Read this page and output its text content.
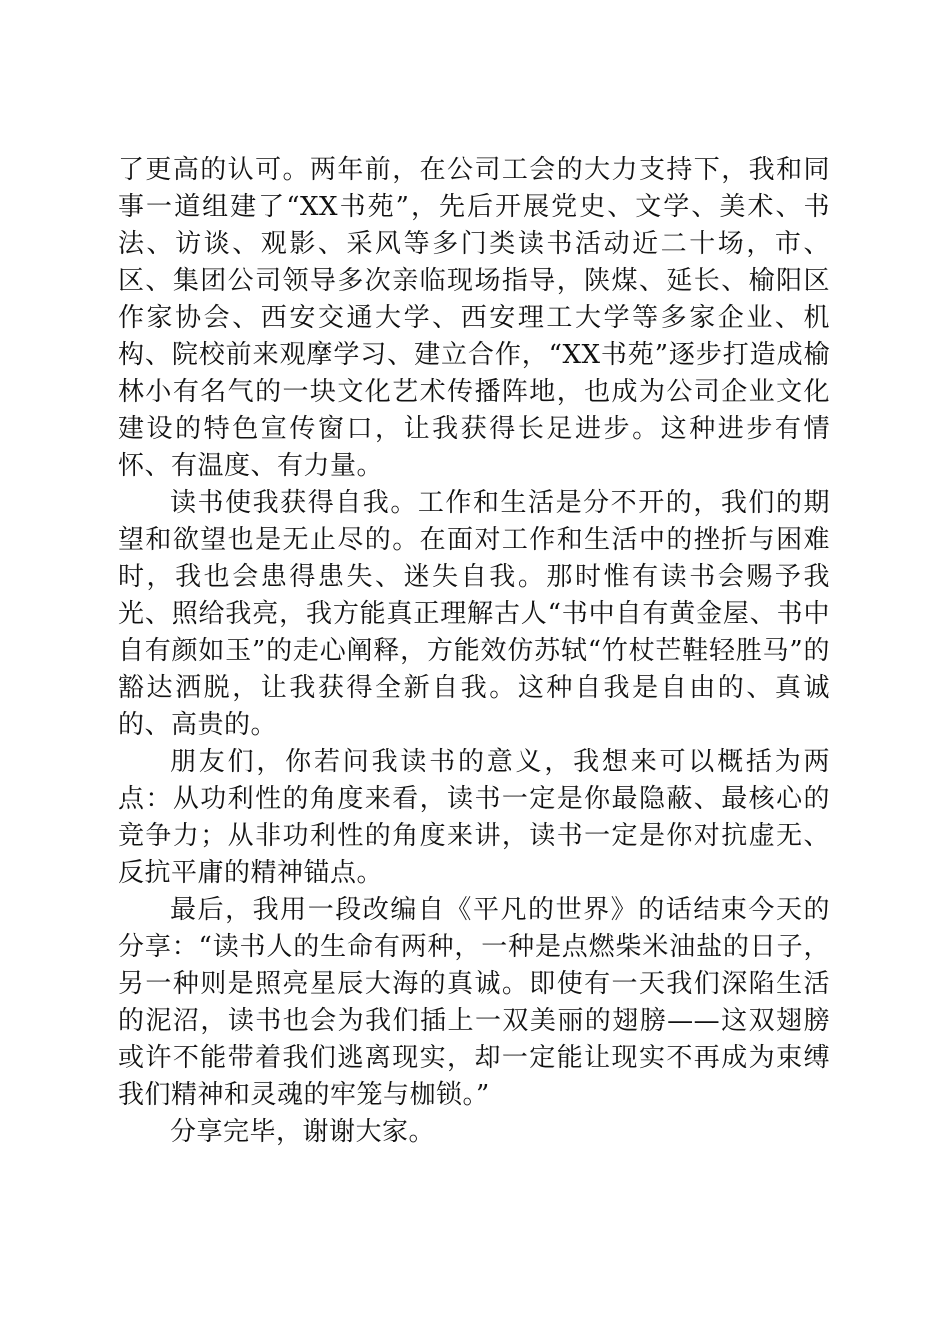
了更高的认可。两年前，在公司工会的大力支持下，我和同事一道组建了“XX书苑”，先后开展党史、文学、美术、书法、访谈、观影、采风等多门类读书活动近二十场，市、区、集团公司领导多次亲临现场指导，陕煤、延长、榆阳区作家协会、西安交通大学、西安理工大学等多家企业、机构、院校前来观摩学习、建立合作，“XX书苑”逐步打造成榆林小有名气的一块文化艺术传播阵地，也成为公司企业文化建设的特色宣传窗口，让我获得长足进步。这种进步有情怀、有温度、有力量。

读书使我获得自我。工作和生活是分不开的，我们的期望和欲望也是无止尽的。在面对工作和生活中的挫折与困难时，我也会患得患失、迷失自我。那时惟有读书会赐予我光、照给我亮，我方能真正理解古人“书中自有黄金屋、书中自有颜如玉”的走心阐释，方能效仿苏轼“竹杖芒鞋轻胜马”的豁达洒脱，让我获得全新自我。这种自我是自由的、真诚的、高贵的。

朋友们，你若问我读书的意义，我想来可以概括为两点：从功利性的角度来看，读书一定是你最隐蔽、最核心的竞争力；从非功利性的角度来讲，读书一定是你对抗虚无、反抗平庸的精神锚点。

最后，我用一段改编自《平凡的世界》的话结束今天的分享：“读书人的生命有两种，一种是点燃柴米油盐的日子，另一种则是照亮星辰大海的真诚。即使有一天我们深陷生活的泥沼，读书也会为我们插上一双美丽的翅膀——这双翅膀或许不能带着我们逃离现实，却一定能让现实不再成为束缚我们精神和灵魂的牢笼与枷锁。”

分享完毕，谢谢大家。
